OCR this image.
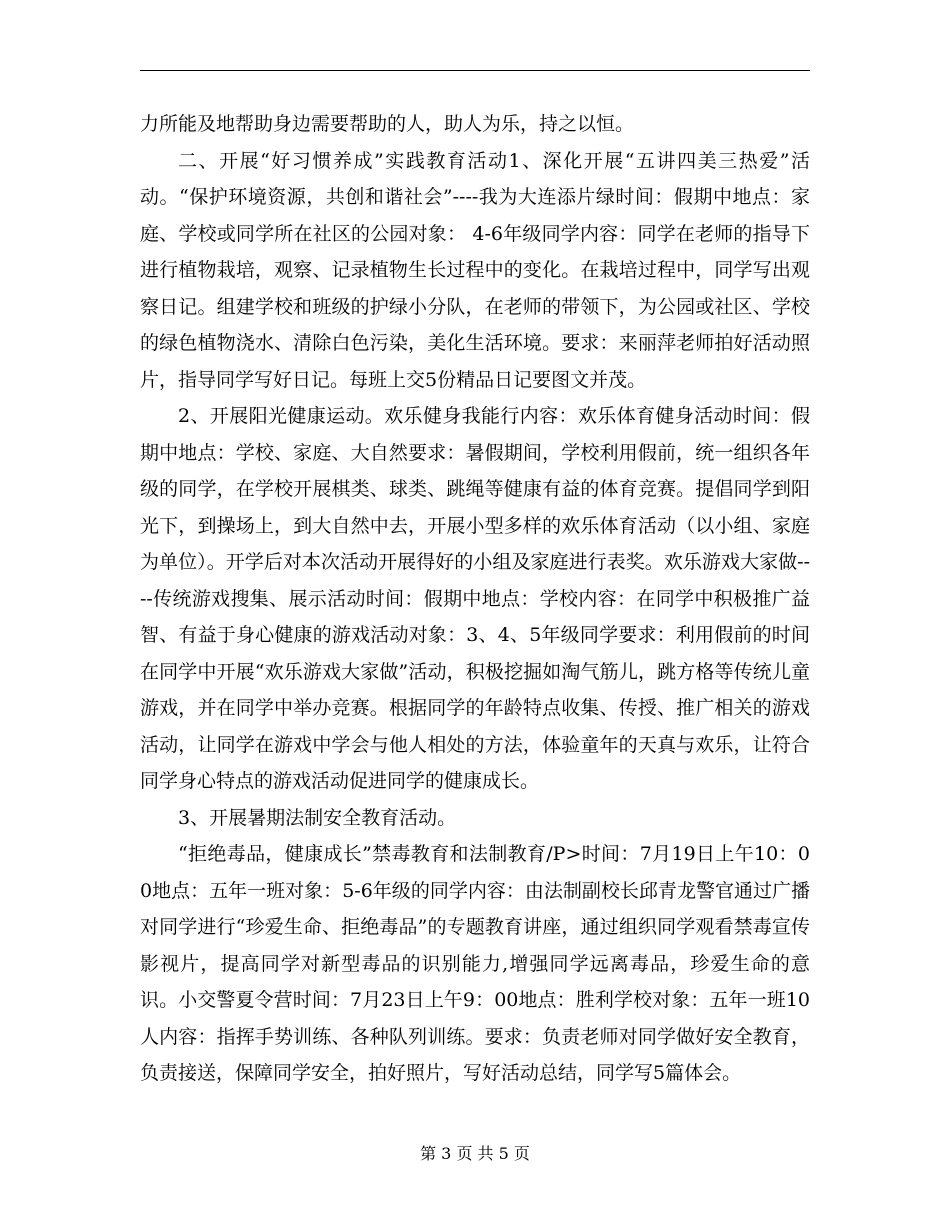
力所能及地帮助身边需要帮助的人，助人为乐，持之以恒。

二、开展“好习惯养成”实践教育活动1、深化开展“五讲四美三热爱”活动。“保护环境资源，共创和谐社会”----我为大连添片绿时间：假期中地点：家庭、学校或同学所在社区的公园对象： 4-6年级同学内容：同学在老师的指导下进行植物栽培，观察、记录植物生长过程中的变化。在栽培过程中，同学写出观察日记。组建学校和班级的护绿小分队，在老师的带领下，为公园或社区、学校的绿色植物浇水、清除白色污染，美化生活环境。要求：来丽萍老师拍好活动照片，指导同学写好日记。每班上交5份精品日记要图文并茂。

2、开展阳光健康运动。欢乐健身我能行内容：欢乐体育健身活动时间：假期中地点：学校、家庭、大自然要求：暑假期间，学校利用假前，统一组织各年级的同学，在学校开展棋类、球类、跳绳等健康有益的体育竞赛。提倡同学到阳光下，到操场上，到大自然中去，开展小型多样的欢乐体育活动（以小组、家庭为单位）。开学后对本次活动开展得好的小组及家庭进行表奖。欢乐游戏大家做----传统游戏搜集、展示活动时间：假期中地点：学校内容：在同学中积极推广益智、有益于身心健康的游戏活动对象：3、4、5年级同学要求：利用假前的时间在同学中开展“欢乐游戏大家做”活动，积极挖掘如淘气筋儿，跳方格等传统儿童游戏，并在同学中举办竞赛。根据同学的年龄特点收集、传授、推广相关的游戏活动，让同学在游戏中学会与他人相处的方法，体验童年的天真与欢乐，让符合同学身心特点的游戏活动促进同学的健康成长。

3、开展暑期法制安全教育活动。

“拒绝毒品，健康成长”禁毒教育和法制教育/P>时间：7月19日上午10：00地点：五年一班对象：5-6年级的同学内容：由法制副校长邱青龙警官通过广播对同学进行“珍爱生命、拒绝毒品”的专题教育讲座，通过组织同学观看禁毒宣传影视片，提高同学对新型毒品的识别能力,增强同学远离毒品，珍爱生命的意识。小交警夏令营时间：7月23日上午9：00地点：胜利学校对象：五年一班10人内容：指挥手势训练、各种队列训练。要求：负责老师对同学做好安全教育，负责接送，保障同学安全，拍好照片，写好活动总结，同学写5篇体会。

第 3 页 共 5 页
